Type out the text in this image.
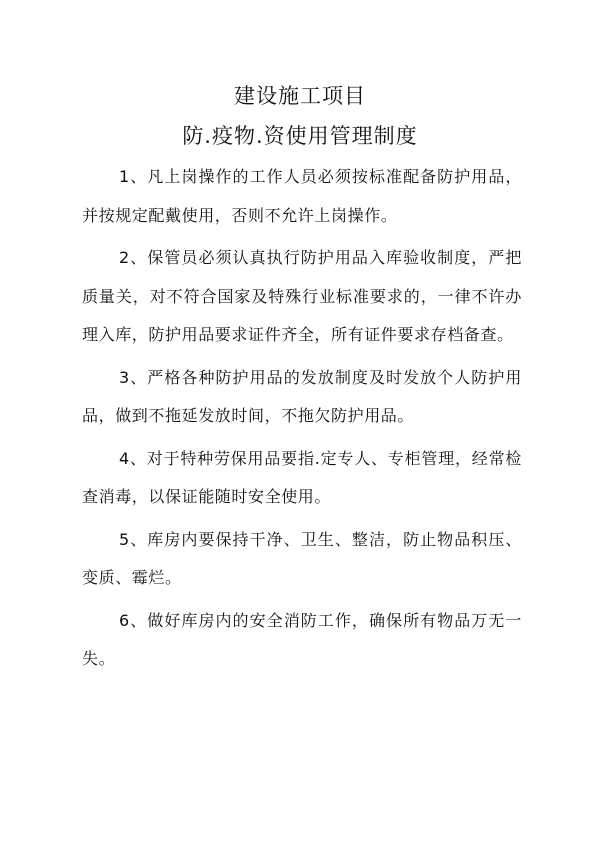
建设施工项目
防.疫物.资使用管理制度

1、凡上岗操作的工作人员必须按标准配备防护用品，并按规定配戴使用，否则不允许上岗操作。

2、保管员必须认真执行防护用品入库验收制度，严把质量关，对不符合国家及特殊行业标准要求的，一律不许办理入库，防护用品要求证件齐全，所有证件要求存档备查。

3、严格各种防护用品的发放制度及时发放个人防护用品，做到不拖延发放时间，不拖欠防护用品。

4、对于特种劳保用品要指.定专人、专柜管理，经常检查消毒，以保证能随时安全使用。

5、库房内要保持干净、卫生、整洁，防止物品积压、变质、霉烂。

6、做好库房内的安全消防工作，确保所有物品万无一失。
